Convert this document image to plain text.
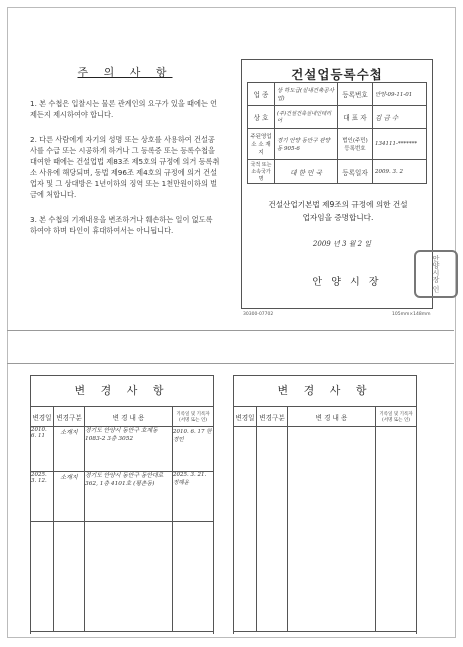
주 의 사 항
1. 본 수첩은 입찰시는 물론 관계인의 요구가 있을 때에는 언제든지 제시하여야 합니다.
2. 다른 사람에게 자기의 성명 또는 상호를 사용하여 건설공사를 수급 또는 시공하게 하거나 그 등록증 또는 등록수첩을 대여한 때에는 건설업법 제83조 제5호의 규정에 의거 등록취소 사유에 해당되며, 동법 제96조 제4호의 규정에 의거 건설업자 및 그 상대방은 1년이하의 징역 또는 1천만원이하의 벌금에 처합니다.
3. 본 수첩의 기재내용을 변조하거나 훼손하는 일이 없도록 하여야 하며 타인이 휴대하여서는 아니됩니다.
건설업등록수첩
업 종	상 하도급(실내건축공사업)	등록번호	안양-09-11-01
상 호	(주)건설건축실내인테리어	대 표 자	김 금 수
주된영업소 소 재 지	경기 안양 동안구 관양동 905-6	법인(주민) 등록번호	134111-*******
국적 또는 소속국가명	대 한 민 국	등록일자	2009. 3. 2
건설산업기본법 제9조의 규정에 의한 건설업자임을 증명합니다.
2009 년 3 월 2 일
안 양 시 장	안양시장 인
30300-07702	105mm×148mm
변 경 사 항
변경일	변경구분	변 경 내 용	기록일 및 기록자 (서명 또는 인)
2010. 6. 11	소재지	경기도 안양시 동안구 호계동 1083-2 3층 3052	2010. 6. 17 한경민
2025. 3. 12.	소재지	경기도 안양시 동안구 동안대로 362, 1층 4101호 (평촌동)	2025. 3. 21. 정혜윤

변 경 사 항
변경일	변경구분	변 경 내 용	기록일 및 기록자 (서명 또는 인)
